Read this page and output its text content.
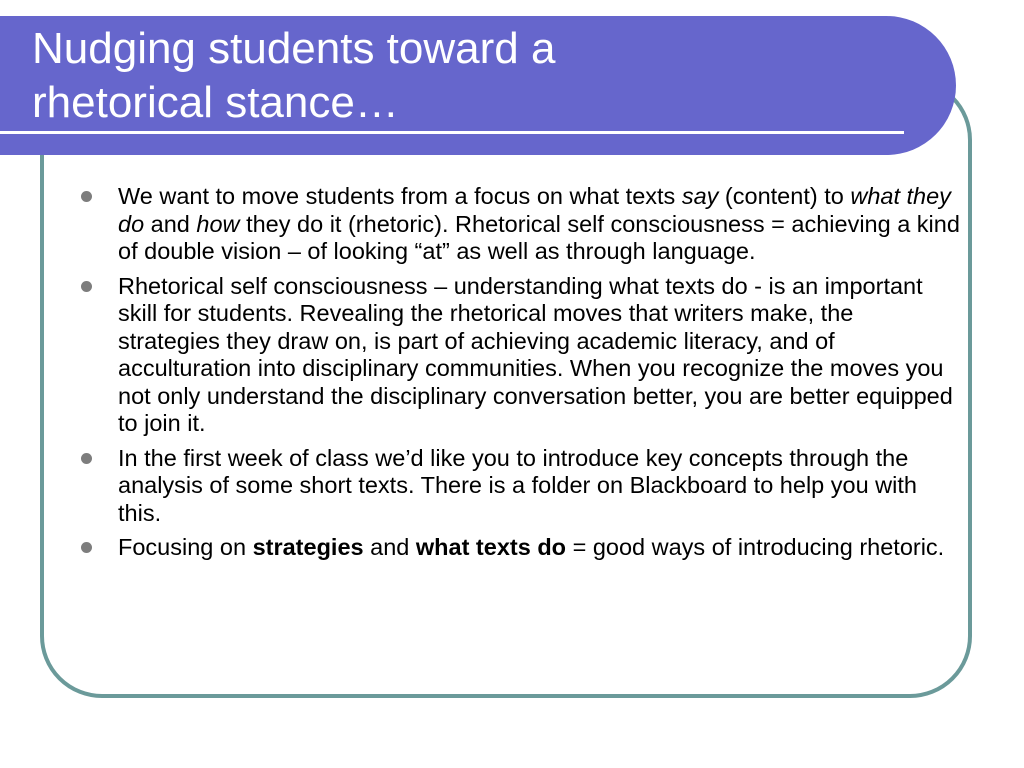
Nudging students toward a
rhetorical stance…
We want to move students from a focus on what texts say (content) to what they do and how they do it (rhetoric). Rhetorical self consciousness = achieving a kind of double vision – of looking “at” as well as through language.
Rhetorical self consciousness – understanding what texts do - is an important skill for students. Revealing the rhetorical moves that writers make, the strategies they draw on, is part of achieving academic literacy, and of acculturation into disciplinary communities. When you recognize the moves you not only understand the disciplinary conversation better, you are better equipped to join it.
In the first week of class we’d like you to introduce key concepts through the analysis of some short texts. There is a folder on Blackboard to help you with this.
Focusing on strategies and what texts do = good ways of introducing rhetoric.
